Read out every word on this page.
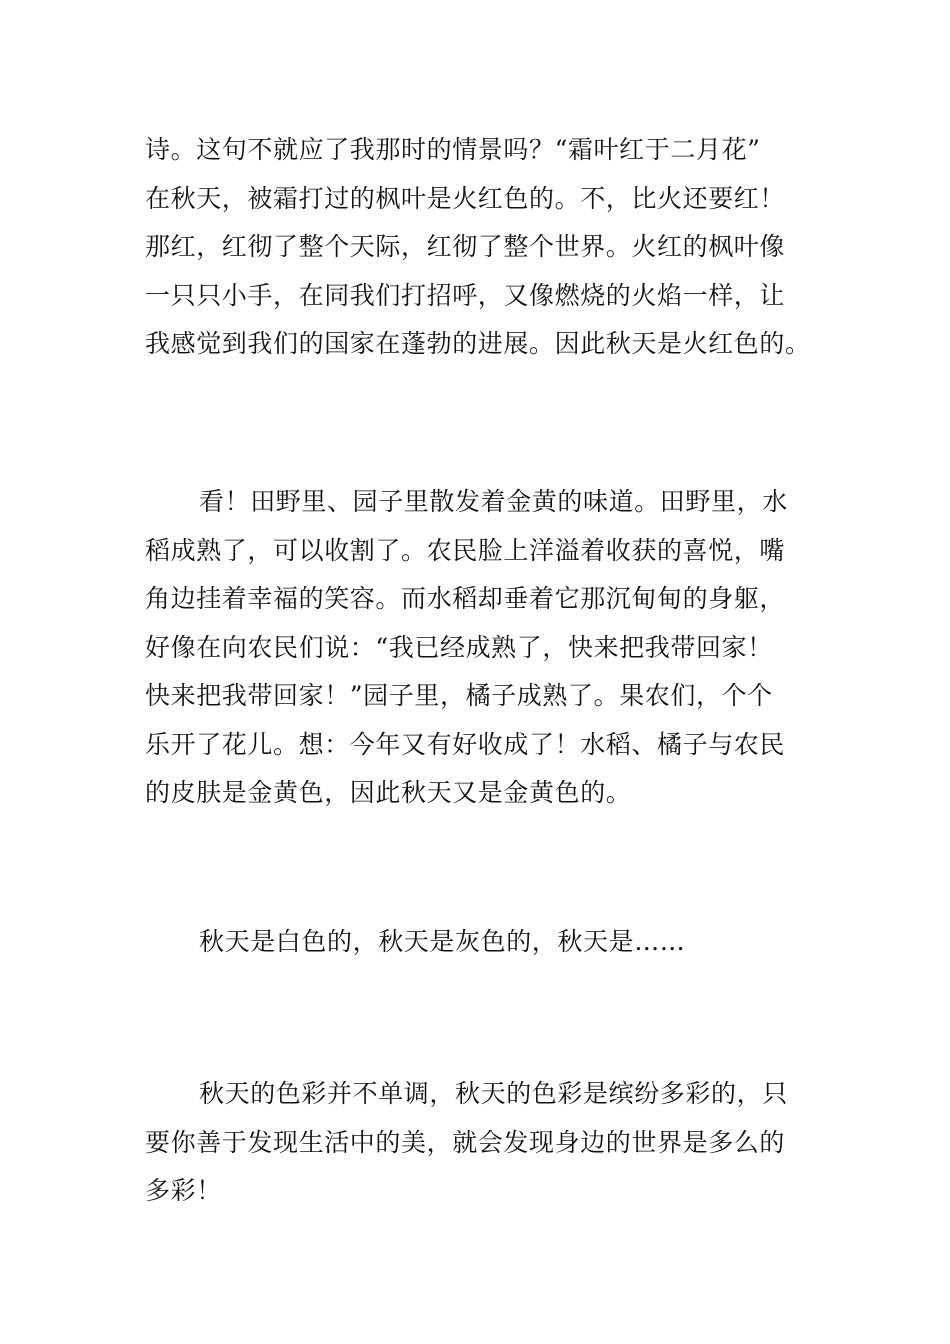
诗。这句不就应了我那时的情景吗？“霜叶红于二月花”
在秋天，被霜打过的枫叶是火红色的。不，比火还要红！
那红，红彻了整个天际，红彻了整个世界。火红的枫叶像
一只只小手，在同我们打招呼，又像燃烧的火焰一样，让
我感觉到我们的国家在蓬勃的进展。因此秋天是火红色的。
看！田野里、园子里散发着金黄的味道。田野里，水
稻成熟了，可以收割了。农民脸上洋溢着收获的喜悦，嘴
角边挂着幸福的笑容。而水稻却垂着它那沉甸甸的身躯，
好像在向农民们说：“我已经成熟了，快来把我带回家！
快来把我带回家！”园子里，橘子成熟了。果农们，个个
乐开了花儿。想：今年又有好收成了！水稻、橘子与农民
的皮肤是金黄色，因此秋天又是金黄色的。
秋天是白色的，秋天是灰色的，秋天是……
秋天的色彩并不单调，秋天的色彩是缤纷多彩的，只
要你善于发现生活中的美，就会发现身边的世界是多么的
多彩！
